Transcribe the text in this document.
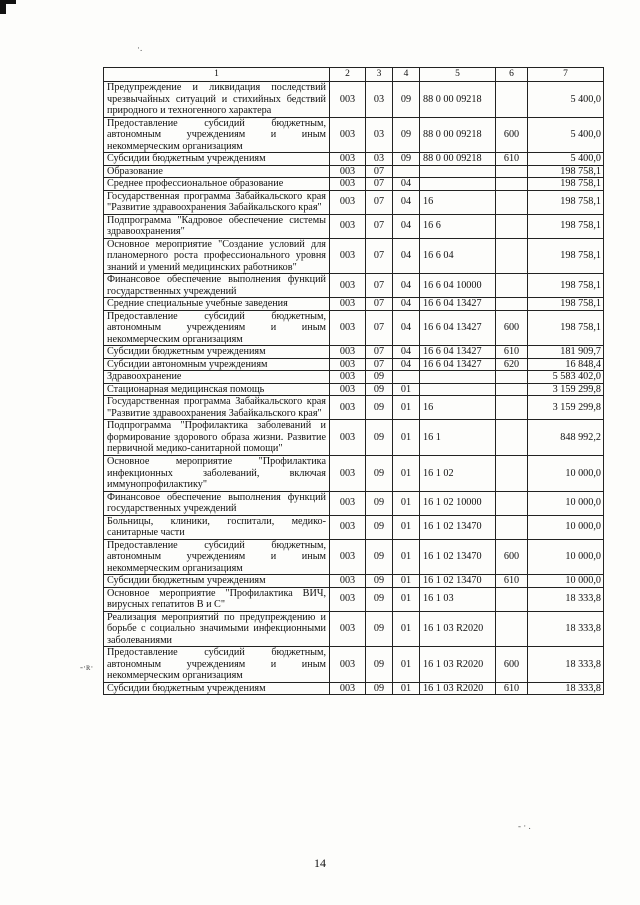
·.
-·ʀ·
- · .
1	2	3	4	5	6	7
Предупреждение и ликвидация последствий чрезвычайных ситуаций и стихийных бедствий природного и техногенного характера	003	03	09	88 0 00 09218		5 400,0
Предоставление субсидий бюджетным, автономным учреждениям и иным некоммерческим организациям	003	03	09	88 0 00 09218	600	5 400,0
Субсидии бюджетным учреждениям	003	03	09	88 0 00 09218	610	5 400,0
Образование	003	07				198 758,1
Среднее профессиональное образование	003	07	04			198 758,1
Государственная программа Забайкальского края "Развитие здравоохранения Забайкальского края"	003	07	04	16		198 758,1
Подпрограмма "Кадровое обеспечение системы здравоохранения"	003	07	04	16 6		198 758,1
Основное мероприятие "Создание условий для планомерного роста профессионального уровня знаний и умений медицинских работников"	003	07	04	16 6 04		198 758,1
Финансовое обеспечение выполнения функций государственных учреждений	003	07	04	16 6 04 10000		198 758,1
Средние специальные учебные заведения	003	07	04	16 6 04 13427		198 758,1
Предоставление субсидий бюджетным, автономным учреждениям и иным некоммерческим организациям	003	07	04	16 6 04 13427	600	198 758,1
Субсидии бюджетным учреждениям	003	07	04	16 6 04 13427	610	181 909,7
Субсидии автономным учреждениям	003	07	04	16 6 04 13427	620	16 848,4
Здравоохранение	003	09				5 583 402,0
Стационарная медицинская помощь	003	09	01			3 159 299,8
Государственная программа Забайкальского края "Развитие здравоохранения Забайкальского края"	003	09	01	16		3 159 299,8
Подпрограмма "Профилактика заболеваний и формирование здорового образа жизни. Развитие первичной медико-санитарной помощи"	003	09	01	16 1		848 992,2
Основное мероприятие "Профилактика инфекционных заболеваний, включая иммунопрофилактику"	003	09	01	16 1 02		10 000,0
Финансовое обеспечение выполнения функций государственных учреждений	003	09	01	16 1 02 10000		10 000,0
Больницы, клиники, госпитали, медико-санитарные части	003	09	01	16 1 02 13470		10 000,0
Предоставление субсидий бюджетным, автономным учреждениям и иным некоммерческим организациям	003	09	01	16 1 02 13470	600	10 000,0
Субсидии бюджетным учреждениям	003	09	01	16 1 02 13470	610	10 000,0
Основное мероприятие "Профилактика ВИЧ, вирусных гепатитов В и С"	003	09	01	16 1 03		18 333,8
Реализация мероприятий по предупреждению и борьбе с социально значимыми инфекционными заболеваниями	003	09	01	16 1 03 R2020		18 333,8
Предоставление субсидий бюджетным, автономным учреждениям и иным некоммерческим организациям	003	09	01	16 1 03 R2020	600	18 333,8
Субсидии бюджетным учреждениям	003	09	01	16 1 03 R2020	610	18 333,8
14
